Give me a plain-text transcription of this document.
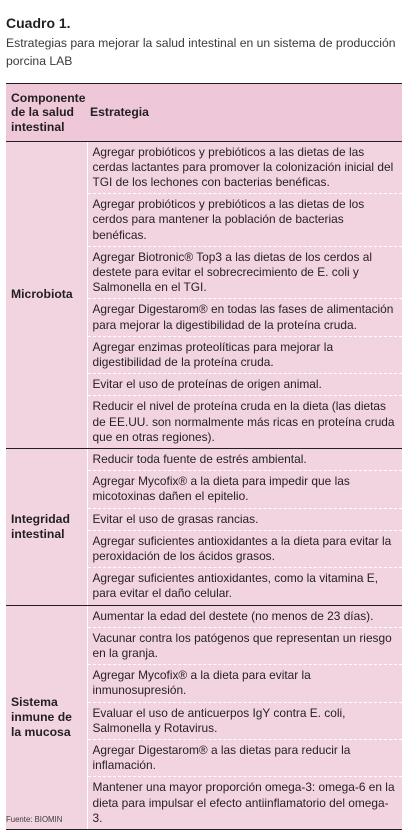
Cuadro 1.
Estrategias para mejorar la salud intestinal en un sistema de producción porcina LAB
Componente de la salud intestinal	Estrategia
Microbiota	Agregar probióticos y prebióticos a las dietas de las cerdas lactantes para promover la colonización inicial del TGI de los lechones con bacterias benéficas.
	Agregar probióticos y prebióticos a las dietas de los cerdos para mantener la población de bacterias benéficas.
	Agregar Biotronic® Top3 a las dietas de los cerdos al destete para evitar el sobrecrecimiento de E. coli y Salmonella en el TGI.
	Agregar Digestarom® en todas las fases de alimentación para mejorar la digestibilidad de la proteína cruda.
	Agregar enzimas proteolíticas para mejorar la digestibilidad de la proteína cruda.
	Evitar el uso de proteínas de origen animal.
	Reducir el nivel de proteína cruda en la dieta (las dietas de EE.UU. son normalmente más ricas en proteína cruda que en otras regiones).
Integridad intestinal	Reducir toda fuente de estrés ambiental.
	Agregar Mycofix® a la dieta para impedir que las micotoxinas dañen el epitelio.
	Evitar el uso de grasas rancias.
	Agregar suficientes antioxidantes a la dieta para evitar la peroxidación de los ácidos grasos.
	Agregar suficientes antioxidantes, como la vitamina E, para evitar el daño celular.
Sistema inmune de la mucosa	Aumentar la edad del destete (no menos de 23 días).
	Vacunar contra los patógenos que representan un riesgo en la granja.
	Agregar Mycofix® a la dieta para evitar la inmunosupresión.
	Evaluar el uso de anticuerpos IgY contra E. coli, Salmonella y Rotavirus.
	Agregar Digestarom® a las dietas para reducir la inflamación.
	Mantener una mayor proporción omega-3: omega-6 en la dieta para impulsar el efecto antiinflamatorio del omega-3.
Fuente: BIOMIN
